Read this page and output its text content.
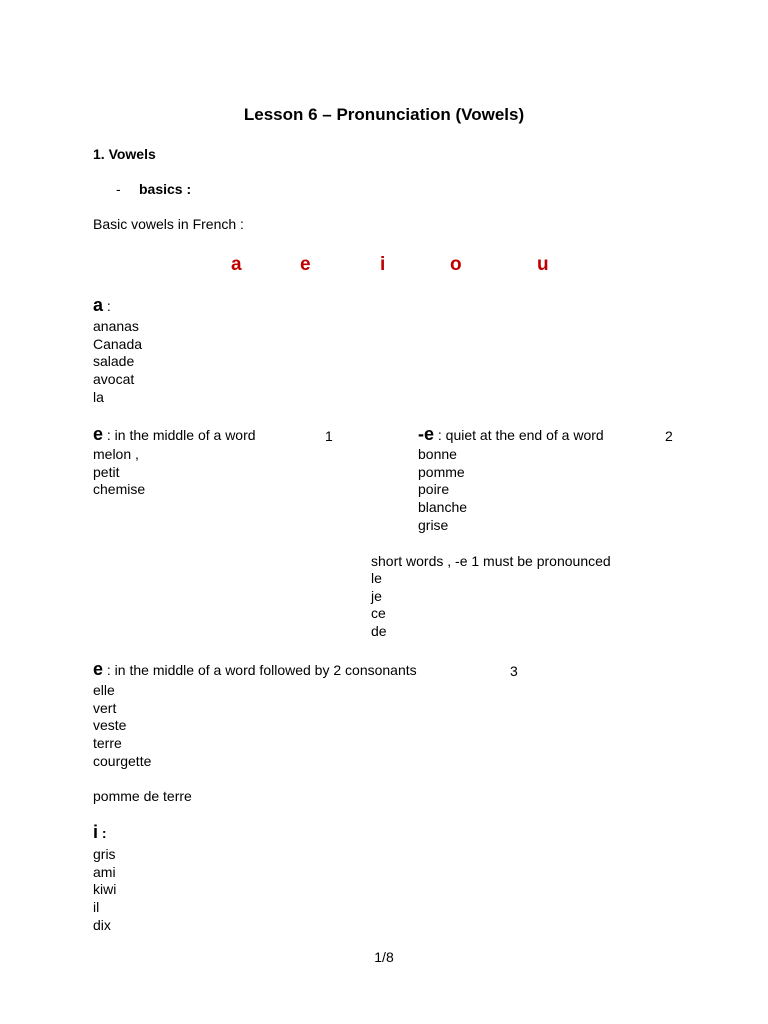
Lesson 6 – Pronunciation (Vowels)
1. Vowels
- basics :
Basic vowels in French :
a	e	i	o	u
a :
ananas
Canada
salade
avocat
la
e : in the middle of a word	1
melon ,
petit
chemise
-e : quiet at the end of a word	2
bonne
pomme
poire
blanche
grise
short words , -e 1 must be pronounced
le
je
ce
de
e : in the middle of a word followed by 2 consonants	3
elle
vert
veste
terre
courgette
pomme de terre
i :
gris
ami
kiwi
il
dix
1/8
